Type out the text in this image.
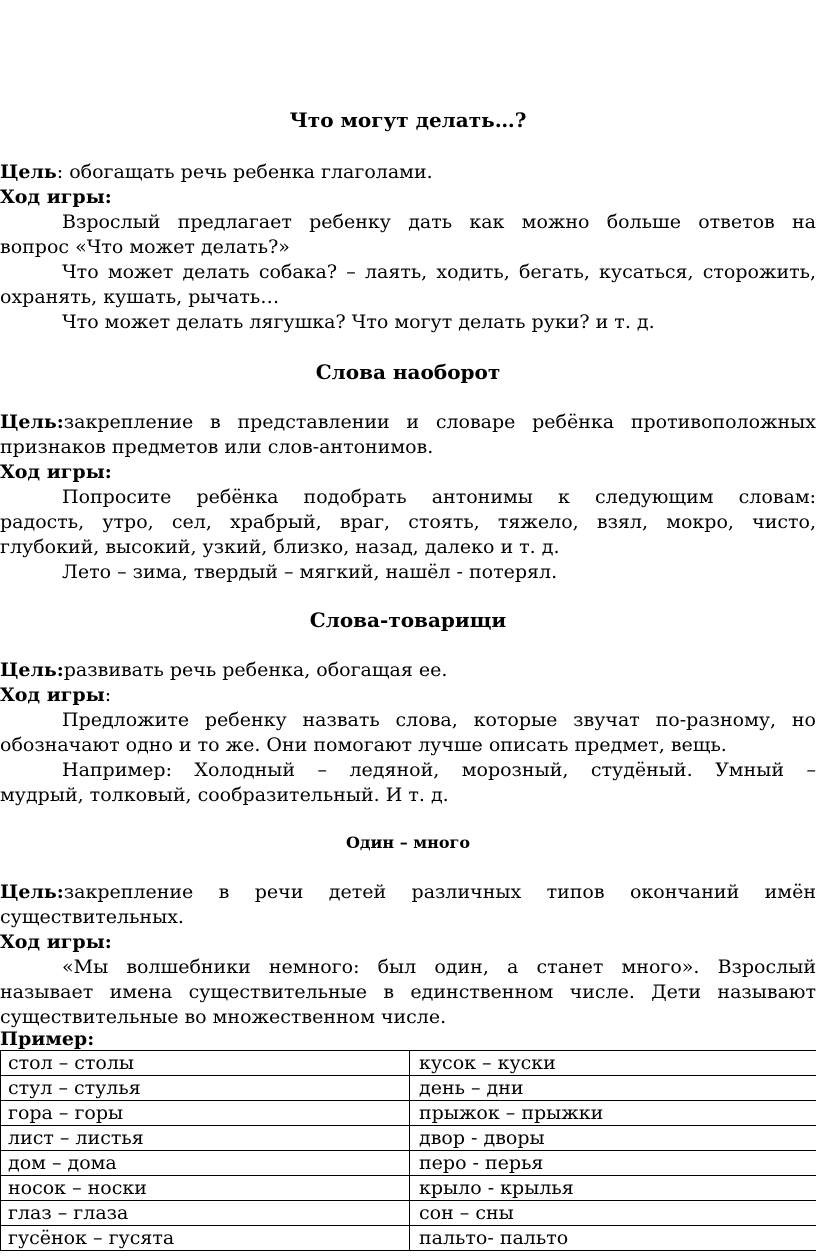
Что могут делать…?

Цель: обогащать речь ребенка глаголами.

Ход игры:

Взрослый предлагает ребенку дать как можно больше ответов на

вопрос «Что может делать?»

Что может делать собака? – лаять, ходить, бегать, кусаться, сторожить,

охранять, кушать, рычать…

Что может делать лягушка? Что могут делать руки? и т. д.

Слова наоборот

Цель:закрепление в представлении и словаре ребёнка противоположных

признаков предметов или слов-антонимов.

Ход игры:

Попросите ребёнка подобрать антонимы к следующим словам:

радость, утро, сел, храбрый, враг, стоять, тяжело, взял, мокро, чисто,

глубокий, высокий, узкий, близко, назад, далеко и т. д.

Лето – зима, твердый – мягкий, нашёл - потерял.

Слова-товарищи

Цель:развивать речь ребенка, обогащая ее.

Ход игры:

Предложите ребенку назвать слова, которые звучат по-разному, но

обозначают одно и то же. Они помогают лучше описать предмет, вещь.

Например: Холодный – ледяной, морозный, студёный. Умный –

мудрый, толковый, сообразительный. И т. д.

Один – много

Цель:закрепление в речи детей различных типов окончаний имён

существительных.

Ход игры:

«Мы волшебники немного: был один, а станет много». Взрослый

называет имена существительные в единственном числе. Дети называют

существительные во множественном числе.

Пример:

стол – столы	кусок – куски
стул – стулья	день – дни
гора – горы	прыжок – прыжки
лист – листья	двор - дворы
дом – дома	перо - перья
носок – носки	крыло - крылья
глаз – глаза	сон – сны
гусёнок – гусята	пальто- пальто
